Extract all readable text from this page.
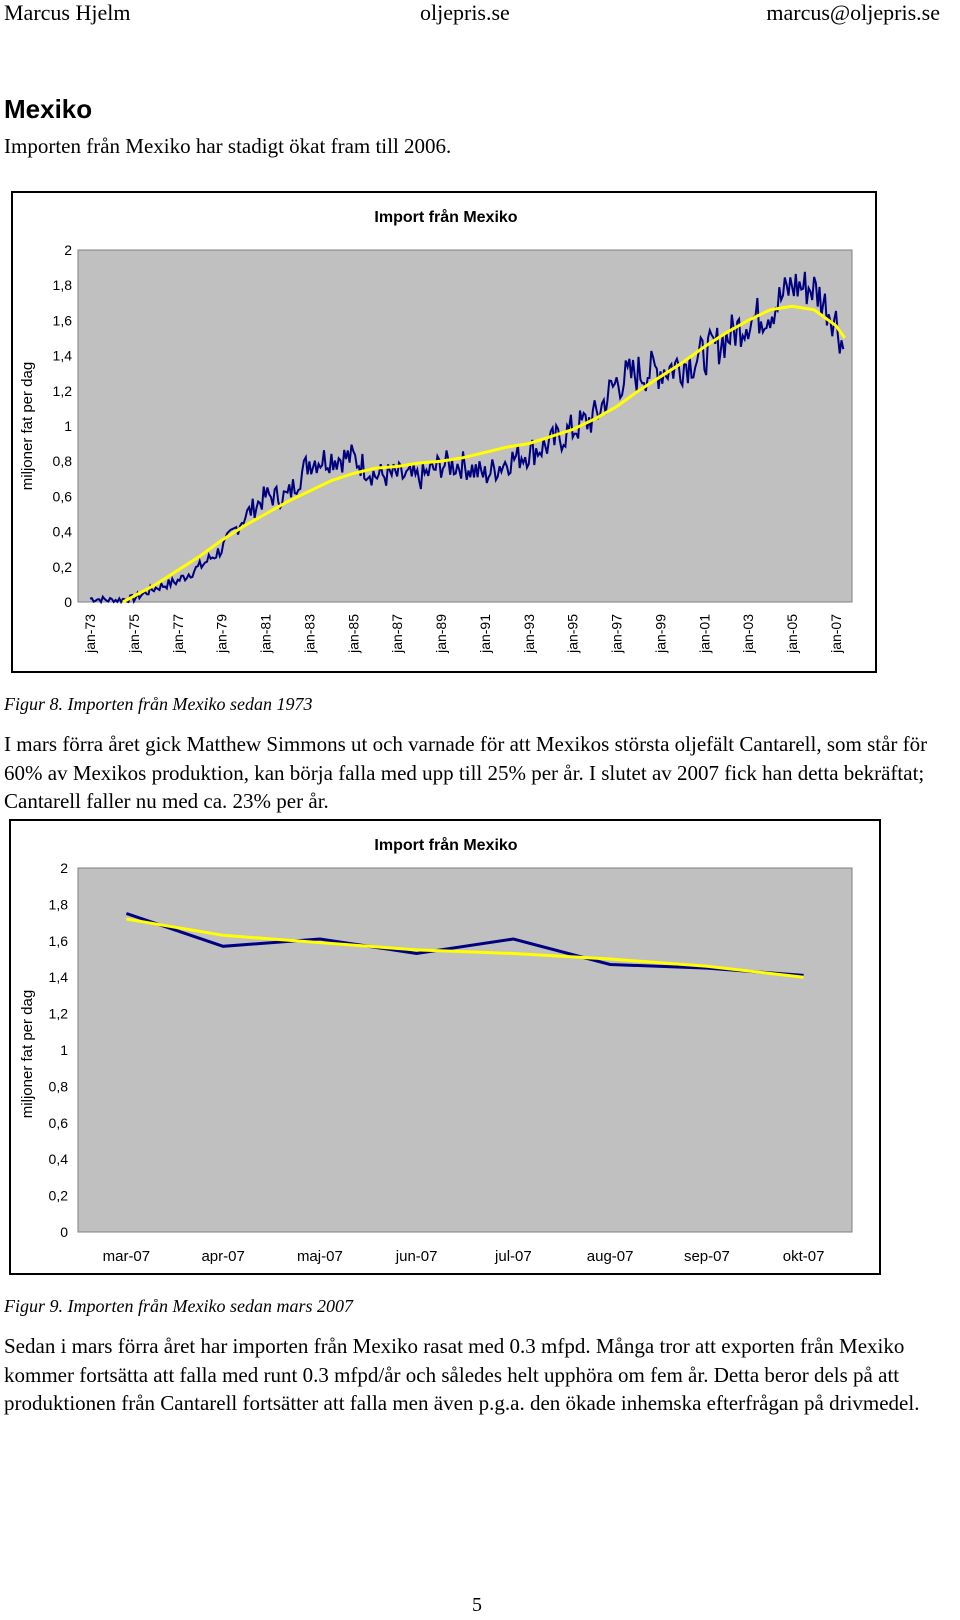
Marcus Hjelm	oljepris.se	marcus@oljepris.se
Mexiko

Importen från Mexiko har stadigt ökat fram till 2006.

Import från Mexiko
miljoner fat per dag
0
0,2
0,4
0,6
0,8
1
1,2
1,4
1,6
1,8
2
jan-73 jan-75 jan-77 jan-79 jan-81 jan-83 jan-85 jan-87 jan-89 jan-91 jan-93 jan-95 jan-97 jan-99 jan-01 jan-03 jan-05 jan-07

Figur 8. Importen från Mexiko sedan 1973

I mars förra året gick Matthew Simmons ut och varnade för att Mexikos största oljefält Cantarell, som står för 60% av Mexikos produktion, kan börja falla med upp till 25% per år. I slutet av 2007 fick han detta bekräftat; Cantarell faller nu med ca. 23% per år.

Import från Mexiko
miljoner fat per dag
0
0,2
0,4
0,6
0,8
1
1,2
1,4
1,6
1,8
2
mar-07	apr-07	maj-07	jun-07	jul-07	aug-07	sep-07	okt-07

Figur 9. Importen från Mexiko sedan mars 2007

Sedan i mars förra året har importen från Mexiko rasat med 0.3 mfpd. Många tror att exporten från Mexiko kommer fortsätta att falla med runt 0.3 mfpd/år och således helt upphöra om fem år. Detta beror dels på att produktionen från Cantarell fortsätter att falla men även p.g.a. den ökade inhemska efterfrågan på drivmedel.

5
